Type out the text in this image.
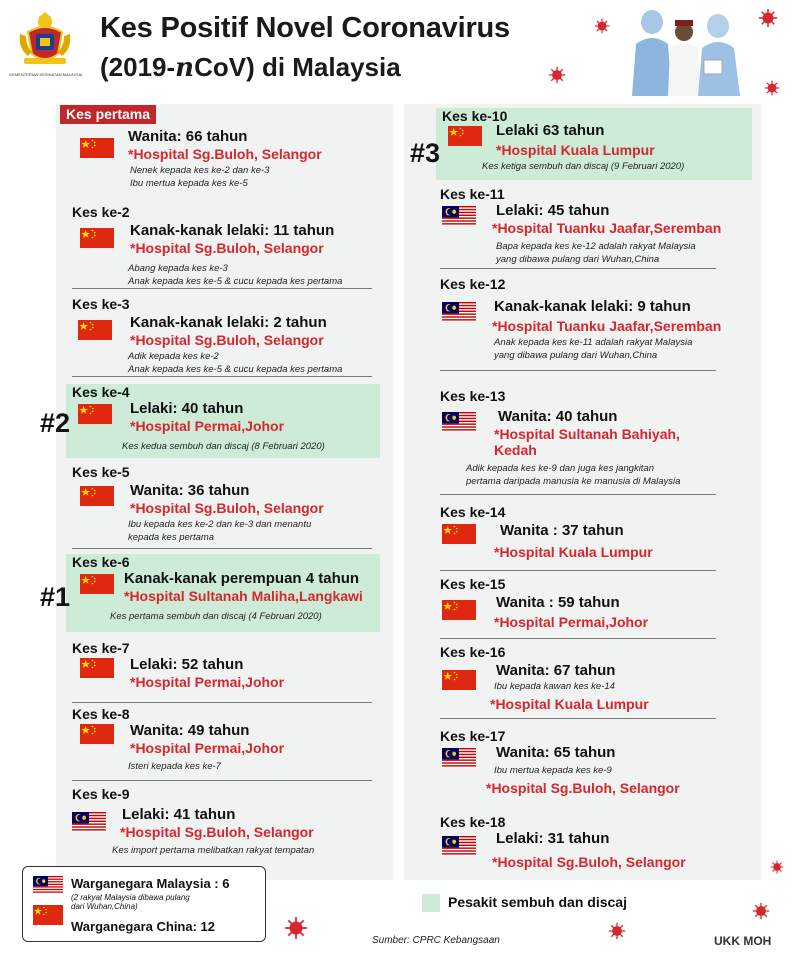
KEMENTERIAN KESIHATAN MALAYSIA
Kes Positif Novel Coronavirus
(2019-nCoV) di Malaysia
Kes pertama
Wanita: 66 tahun
*Hospital Sg.Buloh, Selangor
Nenek kepada kes ke-2 dan ke-3
Ibu mertua kepada kes ke-5
Kes ke-2
Kanak-kanak lelaki: 11 tahun
*Hospital Sg.Buloh, Selangor
Abang kepada kes ke-3
Anak kepada kes ke-5 & cucu kepada kes pertama
Kes ke-3
Kanak-kanak lelaki: 2 tahun
*Hospital Sg.Buloh, Selangor
Adik kepada kes ke-2
Anak kepada kes ke-5 & cucu kepada kes pertama
Kes ke-4
Lelaki: 40 tahun
*Hospital Permai,Johor
Kes kedua sembuh dan discaj (8 Februari 2020)
#2
Kes ke-5
Wanita: 36 tahun
*Hospital Sg.Buloh, Selangor
Ibu kepada kes ke-2 dan ke-3 dan menantu
kepada kes pertama
Kes ke-6
Kanak-kanak perempuan 4 tahun
*Hospital Sultanah Maliha,Langkawi
Kes pertama sembuh dan discaj (4 Februari 2020)
#1
Kes ke-7
Lelaki: 52 tahun
*Hospital Permai,Johor
Kes ke-8
Wanita: 49 tahun
*Hospital Permai,Johor
Isteri kepada kes ke-7
Kes ke-9
Lelaki: 41 tahun
*Hospital Sg.Buloh, Selangor
Kes import pertama melibatkan rakyat tempatan
Kes ke-10
Lelaki 63 tahun
*Hospital Kuala Lumpur
Kes ketiga sembuh dan discaj (9 Februari 2020)
#3
Kes ke-11
Lelaki: 45 tahun
*Hospital Tuanku Jaafar,Seremban
Bapa kepada kes ke-12 adalah rakyat Malaysia
yang dibawa pulang dari Wuhan,China
Kes ke-12
Kanak-kanak lelaki: 9 tahun
*Hospital Tuanku Jaafar,Seremban
Anak kepada kes ke-11 adalah rakyat Malaysia
yang dibawa pulang dari Wuhan,China
Kes ke-13
Wanita: 40 tahun
*Hospital Sultanah Bahiyah,
Kedah
Adik kepada kes ke-9 dan juga kes jangkitan
pertama daripada manusia ke manusia di Malaysia
Kes ke-14
Wanita : 37 tahun
*Hospital Kuala Lumpur
Kes ke-15
Wanita : 59 tahun
*Hospital Permai,Johor
Kes ke-16
Wanita: 67 tahun
*Hospital Kuala Lumpur
Ibu kepada kawan kes ke-14
Kes ke-17
Wanita: 65 tahun
*Hospital Sg.Buloh, Selangor
Ibu mertua kepada kes ke-9
Kes ke-18
Lelaki: 31 tahun
*Hospital Sg.Buloh, Selangor
Warganegara Malaysia : 6
(2 rakyat Malaysia dibawa pulang
dari Wuhan,China)
Warganegara China: 12
Pesakit sembuh dan discaj
Sumber: CPRC Kebangsaan	UKK MOH
